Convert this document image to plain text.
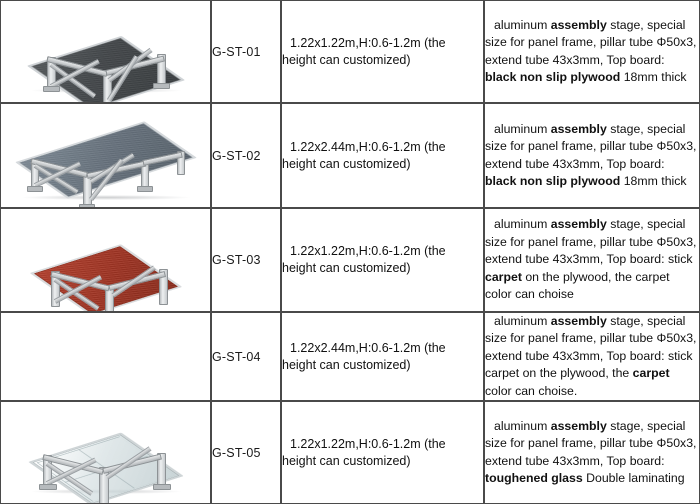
	G-ST-01	1.22x1.22m,H:0.6-1.2m (the height can customized)	aluminum assembly stage, special size for panel frame, pillar tube Φ50x3, extend tube 43x3mm, Top board: black non slip plywood 18mm thick

	G-ST-02	1.22x2.44m,H:0.6-1.2m (the height can customized)	aluminum assembly stage, special size for panel frame, pillar tube Φ50x3, extend tube 43x3mm, Top board: black non slip plywood 18mm thick

	G-ST-03	1.22x1.22m,H:0.6-1.2m (the height can customized)	aluminum assembly stage, special size for panel frame, pillar tube Φ50x3, extend tube 43x3mm, Top board: stick carpet on the plywood, the carpet color can choise
	G-ST-04	1.22x2.44m,H:0.6-1.2m (the height can customized)	aluminum assembly stage, special size for panel frame, pillar tube Φ50x3, extend tube 43x3mm, Top board: stick carpet on the plywood, the carpet color can choise.

	G-ST-05	1.22x1.22m,H:0.6-1.2m (the height can customized)	aluminum assembly stage, special size for panel frame, pillar tube Φ50x3, extend tube 43x3mm, Top board: toughened glass Double laminating
